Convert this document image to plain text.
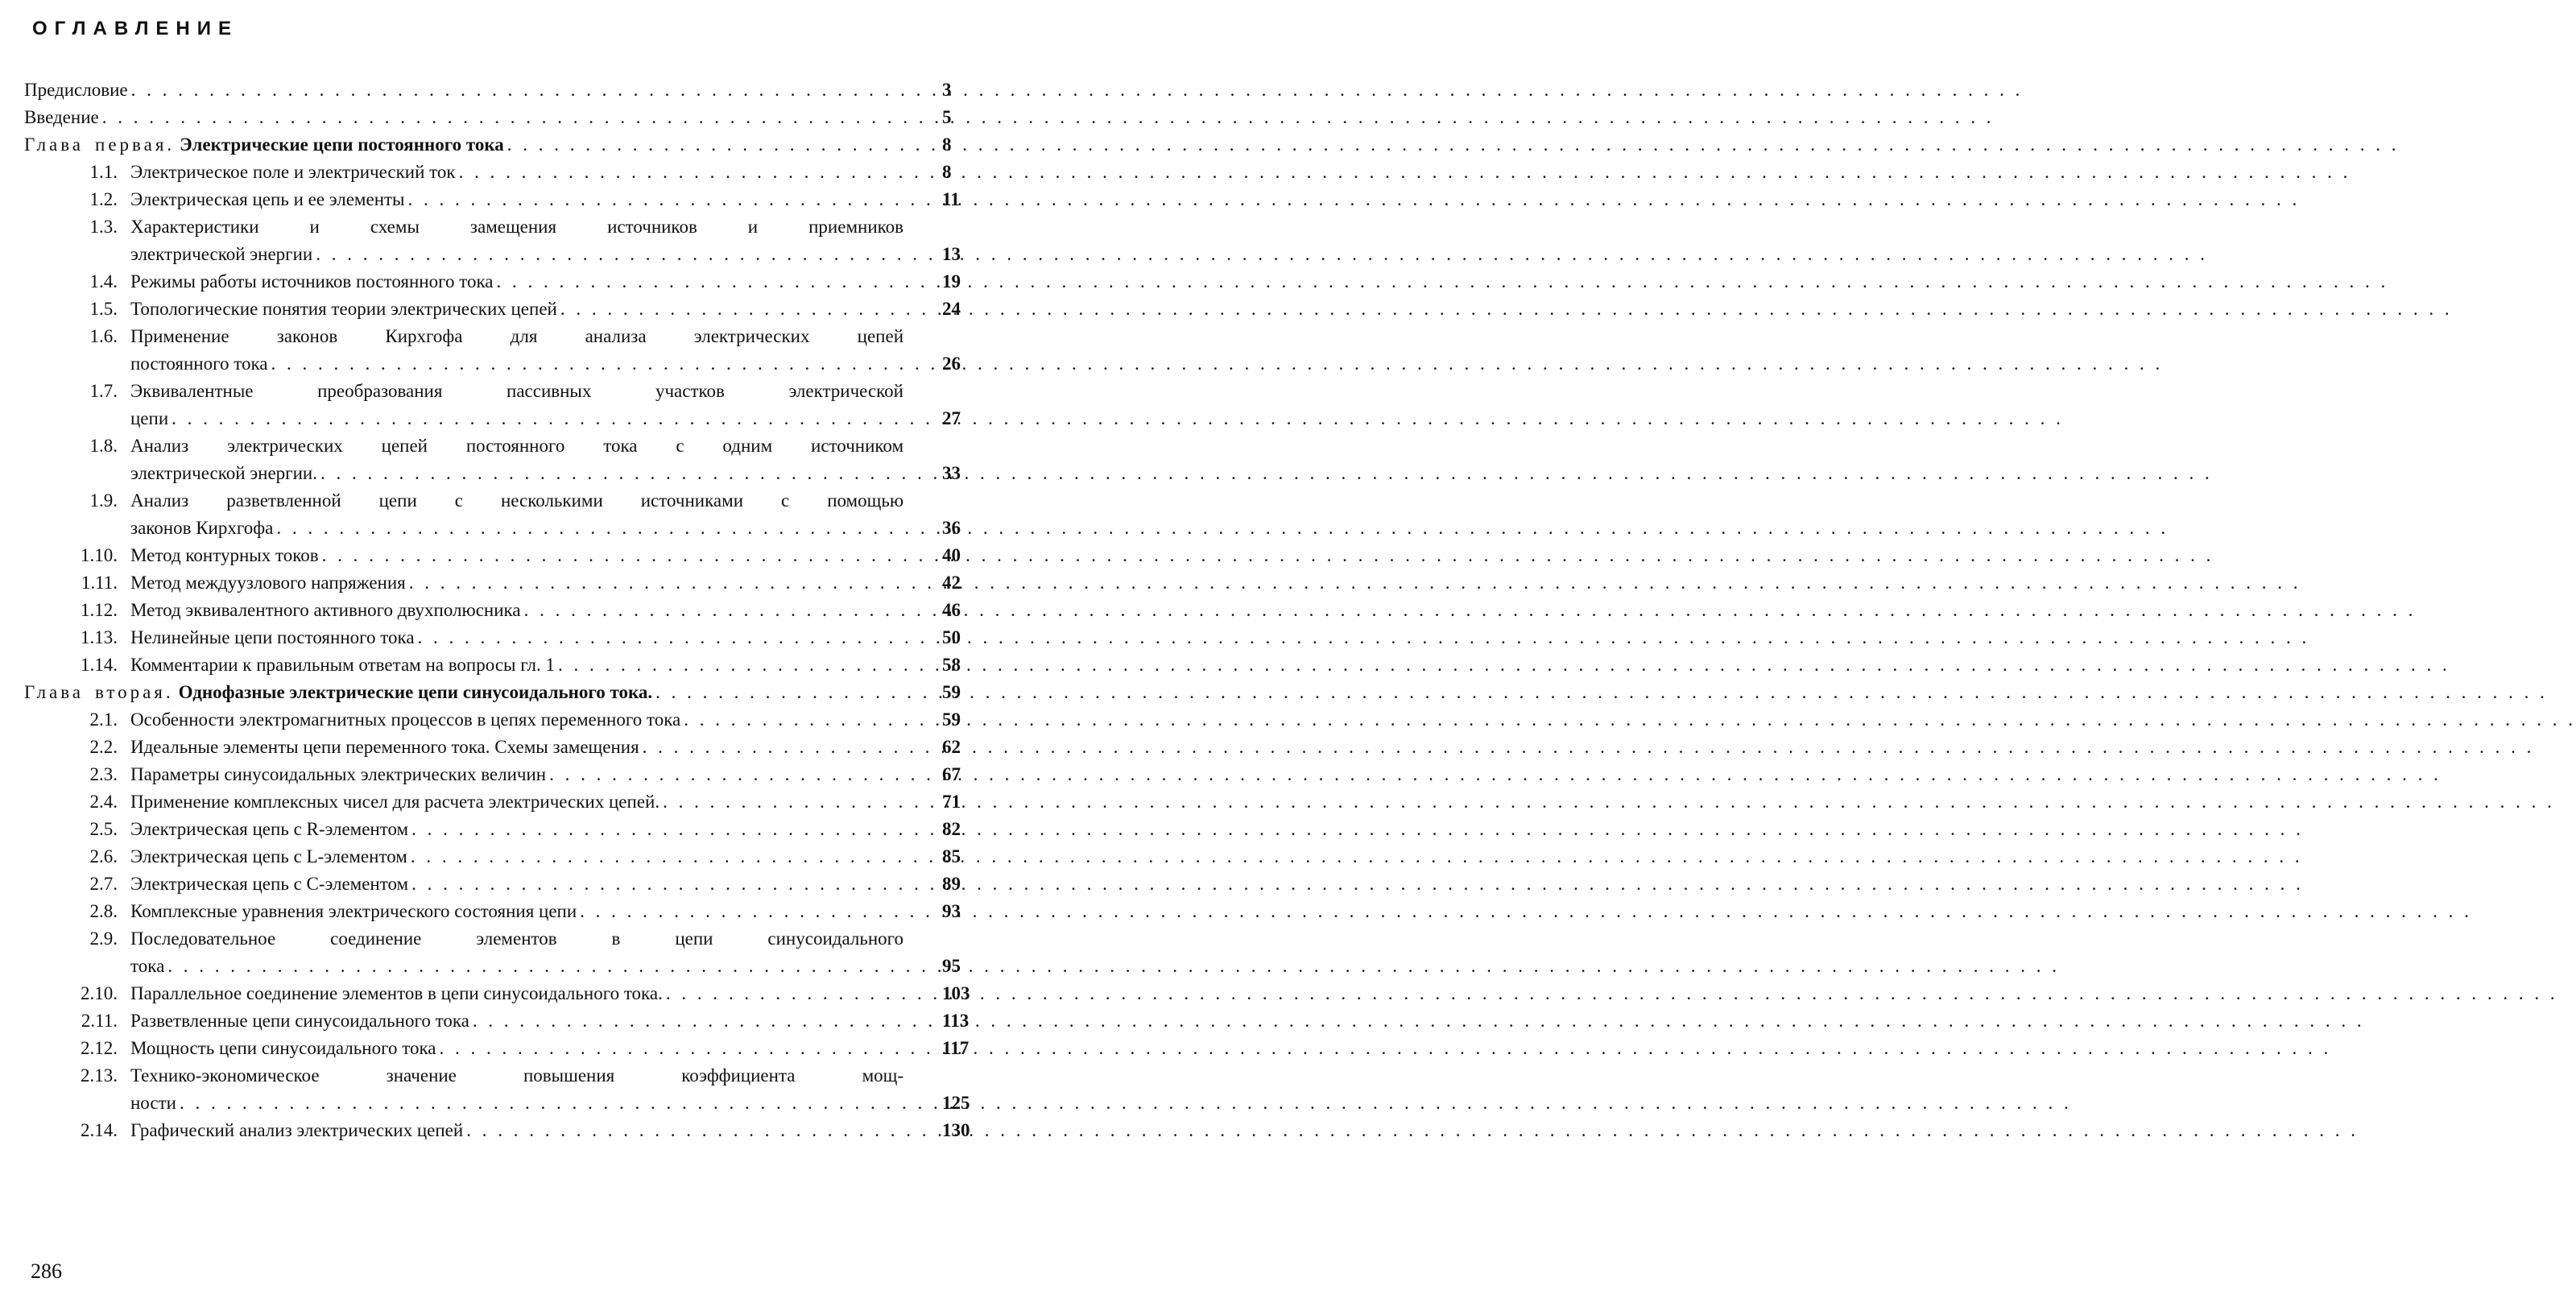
ОГЛАВЛЕНИЕ
Предисловие . . .	3
Введение . . .	5
Глава первая. Электрические цепи постоянного тока . . .	8
1.1. Электрическое поле и электрический ток . . .	8
1.2. Электрическая цепь и ее элементы . . .	11
1.3. Характеристики и схемы замещения источников и приемников
электрической энергии . . .	13
1.4. Режимы работы источников постоянного тока . . .	19
1.5. Топологические понятия теории электрических цепей . . .	24
1.6. Применение законов Кирхгофа для анализа электрических цепей
постоянного тока . . .	26
1.7. Эквивалентные преобразования пассивных участков электрической
цепи . . .	27
1.8. Анализ электрических цепей постоянного тока с одним источником
электрической энергии. . . .	33
1.9. Анализ разветвленной цепи с несколькими источниками с помощью
законов Кирхгофа . . .	36
1.10. Метод контурных токов . . .	40
1.11. Метод междуузлового напряжения . . .	42
1.12. Метод эквивалентного активного двухполюсника . . .	46
1.13. Нелинейные цепи постоянного тока . . .	50
1.14. Комментарии к правильным ответам на вопросы гл. 1 . . .	58
Глава вторая. Однофазные электрические цепи синусоидального тока. . . .	59
2.1. Особенности электромагнитных процессов в цепях переменного тока . . .	59
2.2. Идеальные элементы цепи переменного тока. Схемы замещения . . .	62
2.3. Параметры синусоидальных электрических величин . . .	67
2.4. Применение комплексных чисел для расчета электрических цепей. . . .	71
2.5. Электрическая цепь с R-элементом . . .	82
2.6. Электрическая цепь с L-элементом . . .	85
2.7. Электрическая цепь с C-элементом . . .	89
2.8. Комплексные уравнения электрического состояния цепи . . .	93
2.9. Последовательное соединение элементов в цепи синусоидального
тока . . .	95
2.10. Параллельное соединение элементов в цепи синусоидального тока. . . .	103
2.11. Разветвленные цепи синусоидального тока . . .	113
2.12. Мощность цепи синусоидального тока . . .	117
2.13. Технико-экономическое значение повышения коэффициента мощ-
ности . . .	125
2.14. Графический анализ электрических цепей . . .	130
286
